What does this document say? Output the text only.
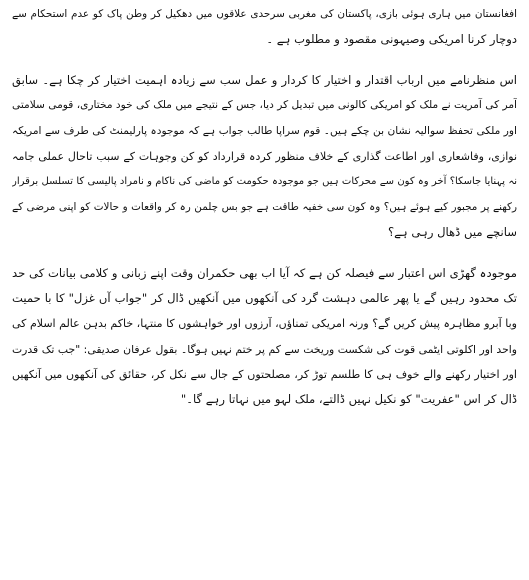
افغانستان میں ہاری ہوئی بازی، پاکستان کی مغربی سرحدی علاقوں میں دھکیل کر وطن پاک کو عدم استحکام سے
دوچار کرنا امریکی وصیہونی مقصود و مطلوب ہے ۔
اس منظرنامے میں ارباب اقتدار و اختیار کا کردار و عمل سب سے زیادہ اہمیت اختیار کر چکا ہے۔ سابق
آمر کی آمریت نے ملک کو امریکی کالونی میں تبدیل کر دیا، جس کے نتیجے میں ملک کی خود مختاری، قومی سلامتی
اور ملکی تحفظ سوالیہ نشان بن چکے ہیں۔ قوم سراپا طالب جواب ہے کہ موجودہ پارلیمنٹ کی طرف سے امریکہ
نوازی، وفاشعاری اور اطاعت گذاری کے خلاف منظور کردہ قرارداد کو کن وجوہات کے سبب تاحال عملی جامہ
نہ پہنایا جاسکا؟ آخر وہ کون سے محرکات ہیں جو موجودہ حکومت کو ماضی کی ناکام و نامراد پالیسی کا تسلسل برقرار
رکھنے پر مجبور کیے ہوئے ہیں؟ وہ کون سی خفیہ طاقت ہے جو بس چلمن رہ کر واقعات و حالات کو اپنی مرضی کے
سانچے میں ڈھال رہی ہے؟
موجودہ گھڑی اس اعتبار سے فیصلہ کن ہے کہ آیا اب بھی حکمران وقت اپنے زبانی و کلامی بیانات کی حد
تک محدود رہیں گے یا پھر عالمی دہشت گرد کی آنکھوں میں آنکھیں ڈال کر "جواب آں غزل" کا با حمیت
وبا آبرو مظاہرہ پیش کریں گے؟ ورنہ امریکی تمناؤں، آرزوں اور خواہشوں کا منتہا، خاکم بدہن عالم اسلام کی
واحد اور اکلوتی ایٹمی قوت کی شکست وریخت سے کم پر ختم نہیں ہوگا۔ بقول عرفان صدیقی: "جب تک قدرت
اور اختیار رکھنے والے خوف ہی کا طلسم توڑ کر، مصلحتوں کے جال سے نکل کر، حقائق کی آنکھوں میں آنکھیں
ڈال کر اس "عفریت" کو نکیل نہیں ڈالتے، ملک لہو میں نہاتا رہے گا۔"
